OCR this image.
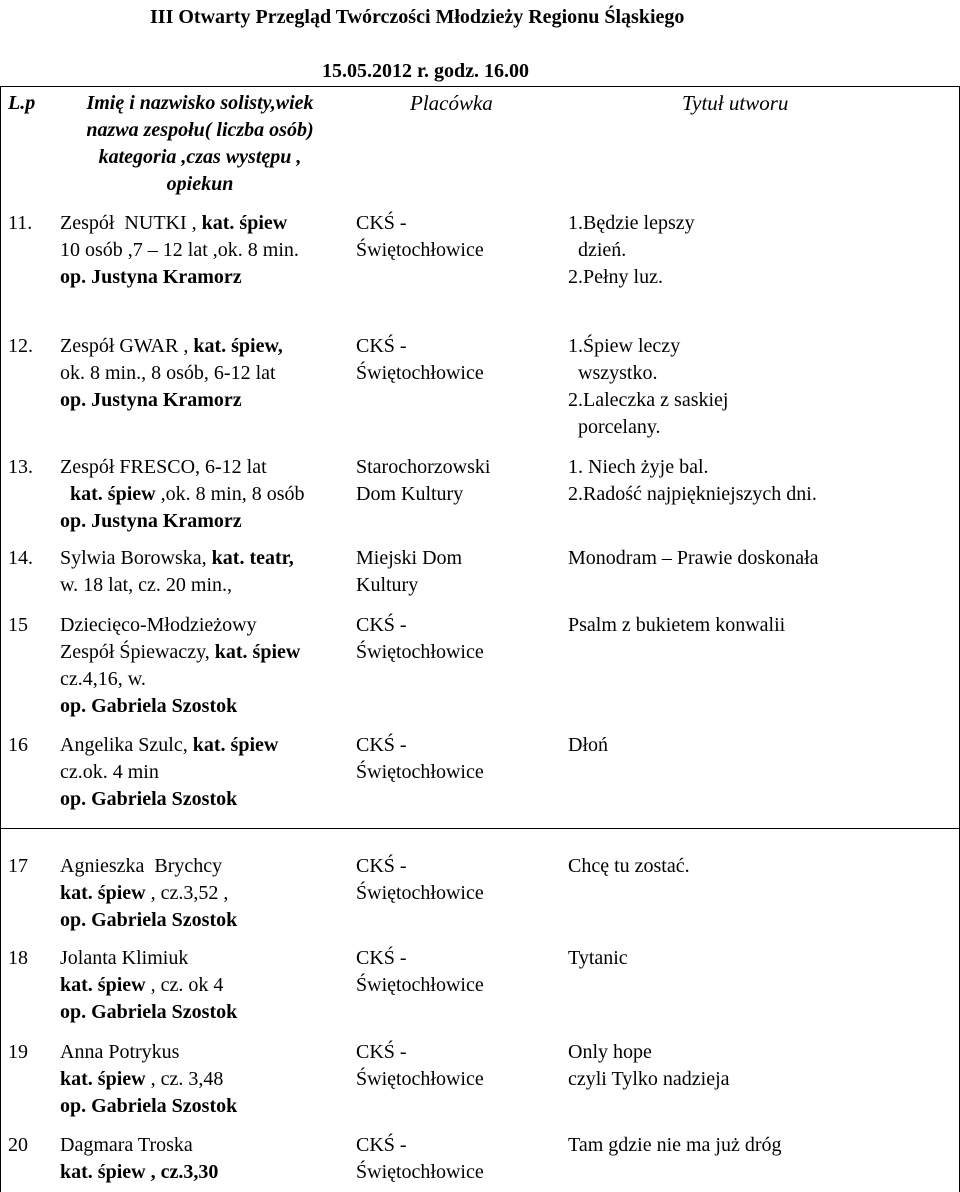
III Otwarty Przegląd Twórczości Młodzieży Regionu Śląskiego
15.05.2012 r. godz. 16.00
L.p	Imię i nazwisko solisty,wiek
nazwa zespołu( liczba osób)
kategoria ,czas występu ,
opiekun
Placówka	Tytuł utworu
11. Zespół  NUTKI , kat. śpiew
10 osób ,7 – 12 lat ,ok. 8 min.
op. Justyna Kramorz
CKŚ -
Świętochłowice
1.Będzie lepszy
dzień.
2.Pełny luz.
12. Zespół GWAR , kat. śpiew,
ok. 8 min., 8 osób, 6-12 lat
op. Justyna Kramorz
CKŚ -
Świętochłowice
1.Śpiew leczy
wszystko.
2.Laleczka z saskiej
porcelany.
13. Zespół FRESCO, 6-12 lat
kat. śpiew ,ok. 8 min, 8 osób
op. Justyna Kramorz
Starochorzowski
Dom Kultury
1. Niech żyje bal.
2.Radość najpiękniejszych dni.
14. Sylwia Borowska, kat. teatr,
w. 18 lat, cz. 20 min.,
Miejski Dom
Kultury
Monodram – Prawie doskonała
15 Dziecięco-Młodzieżowy
Zespół Śpiewaczy, kat. śpiew
cz.4,16, w.
op. Gabriela Szostok
CKŚ -
Świętochłowice
Psalm z bukietem konwalii
16 Angelika Szulc, kat. śpiew
cz.ok. 4 min
op. Gabriela Szostok
CKŚ -
Świętochłowice
Dłoń
17 Agnieszka  Brychcy
kat. śpiew , cz.3,52 ,
op. Gabriela Szostok
CKŚ -
Świętochłowice
Chcę tu zostać.
18 Jolanta Klimiuk
kat. śpiew , cz. ok 4
op. Gabriela Szostok
CKŚ -
Świętochłowice
Tytanic
19 Anna Potrykus
kat. śpiew , cz. 3,48
op. Gabriela Szostok
CKŚ -
Świętochłowice
Only hope
czyli Tylko nadzieja
20 Dagmara Troska
kat. śpiew , cz.3,30
CKŚ -
Świętochłowice
Tam gdzie nie ma już dróg
